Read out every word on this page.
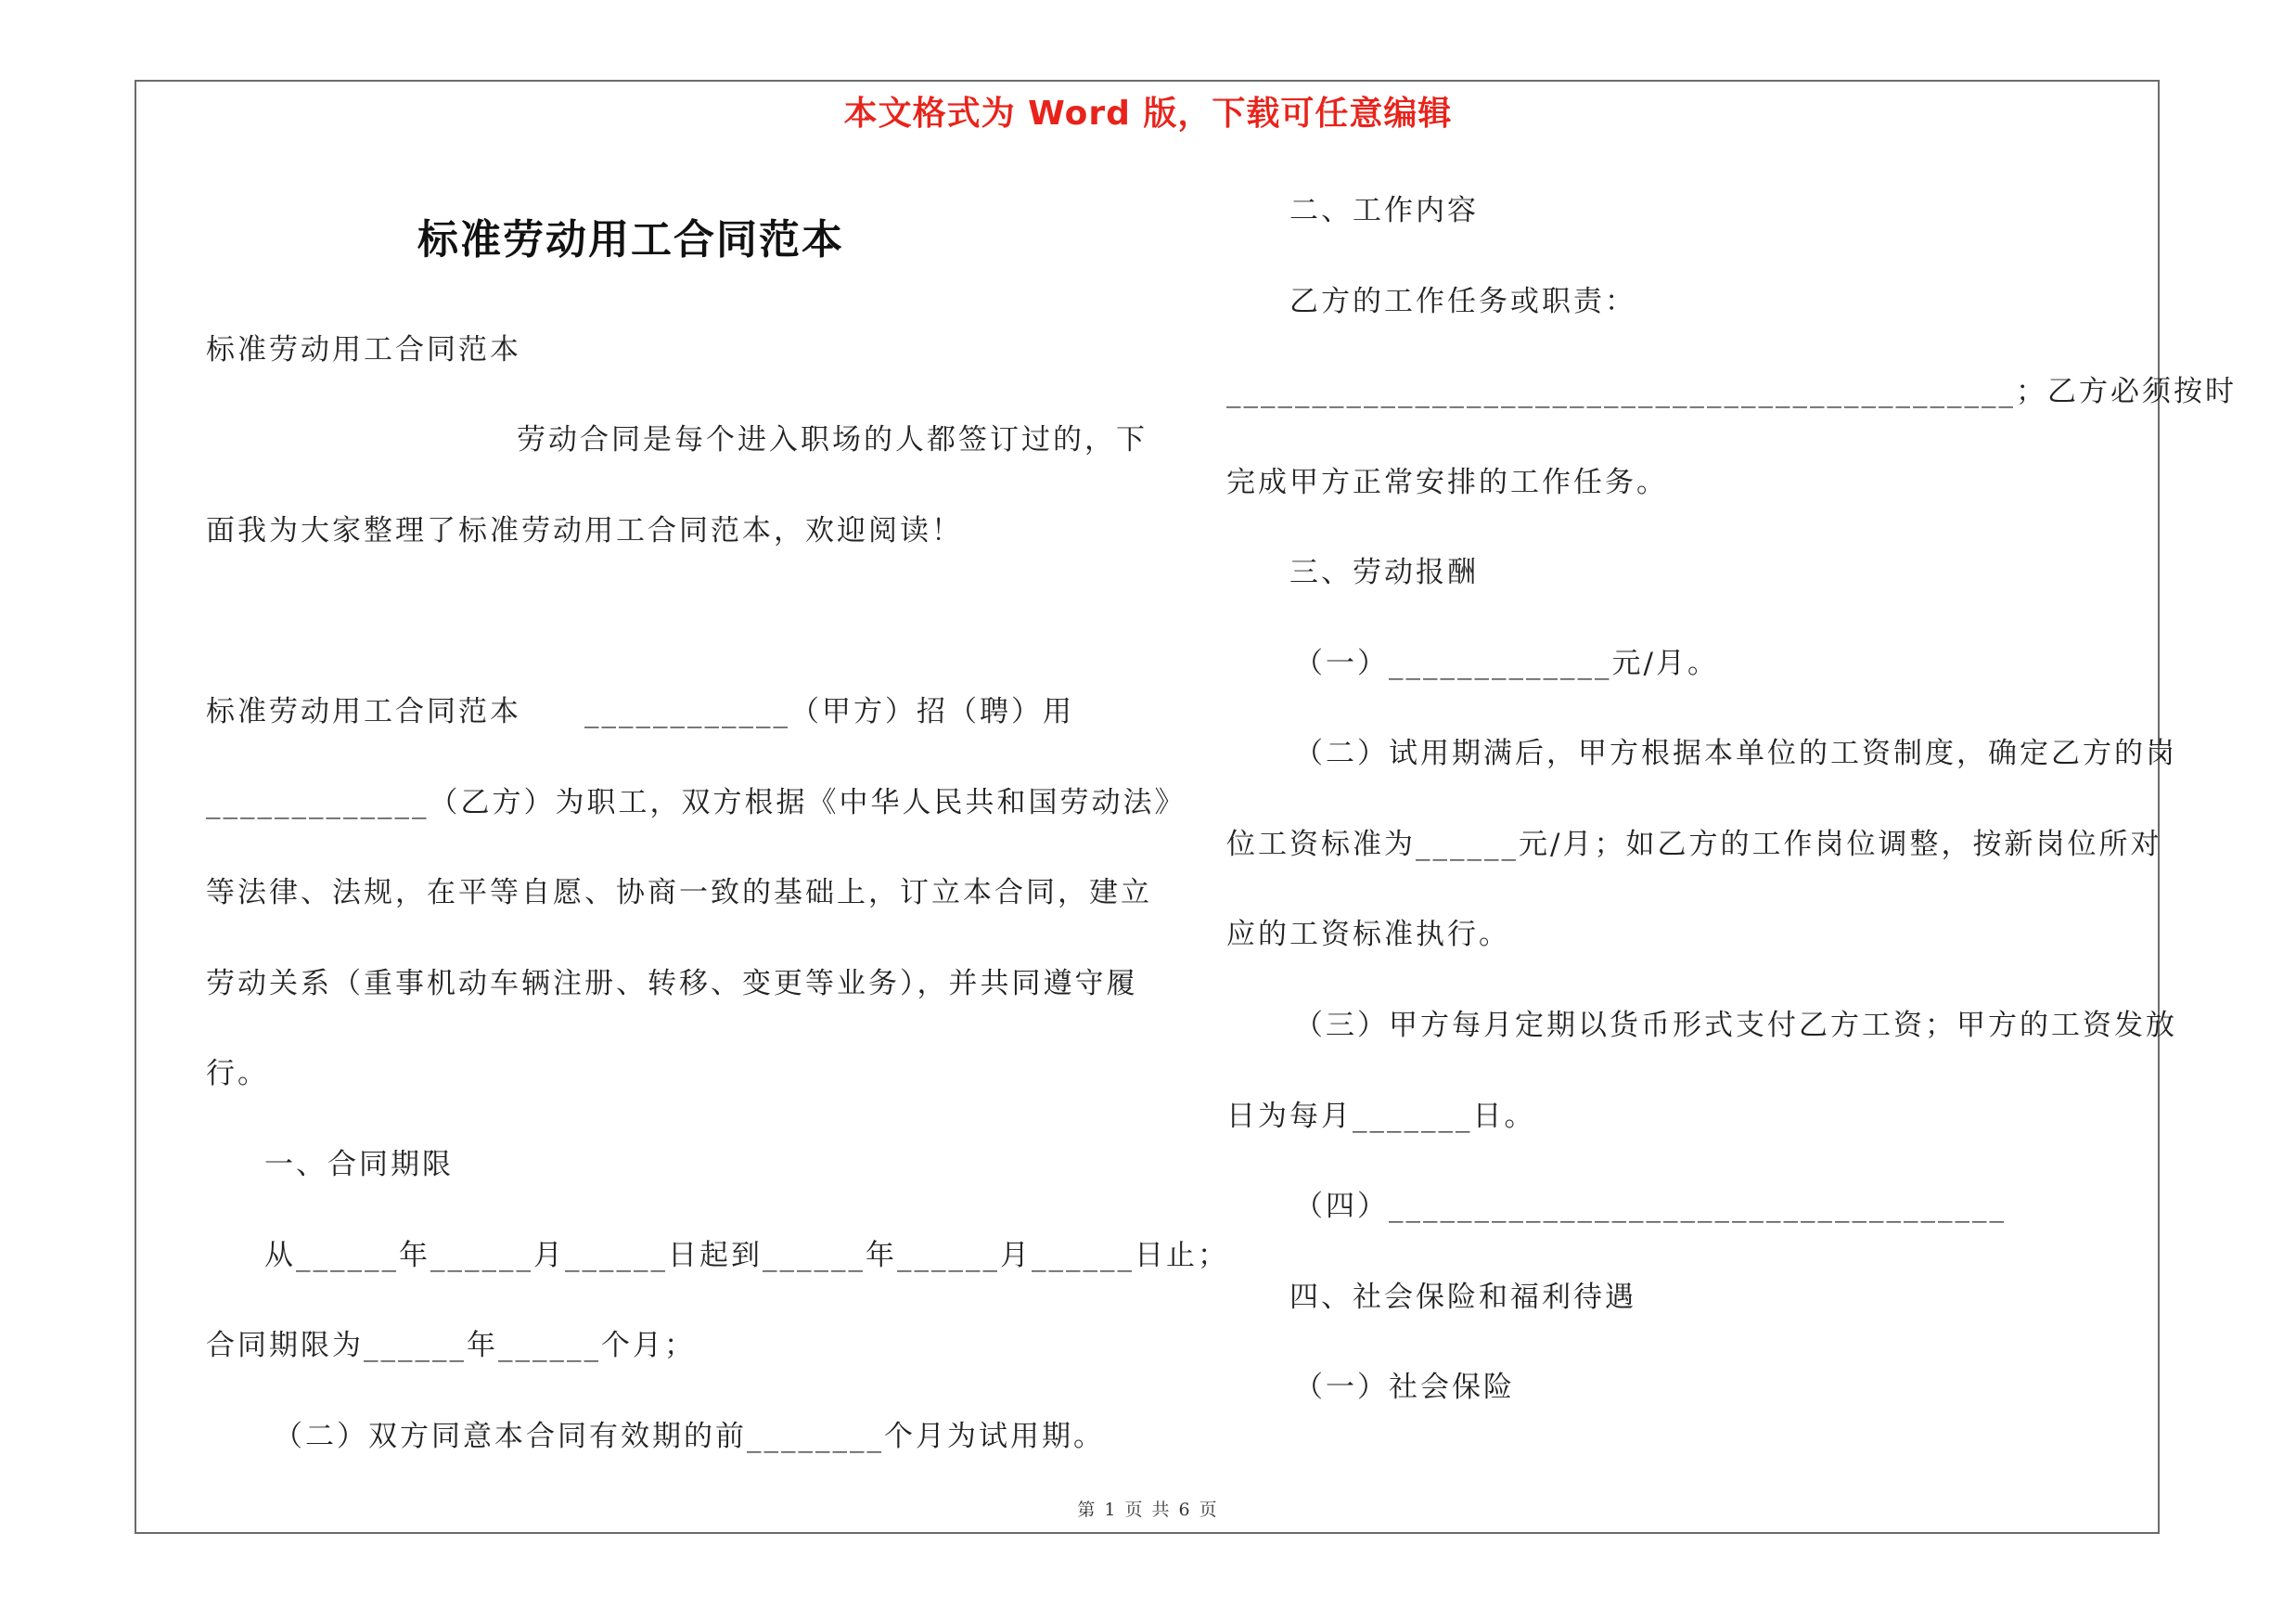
本文格式为 Word 版，下载可任意编辑
标准劳动用工合同范本
标准劳动用工合同范本
劳动合同是每个进入职场的人都签订过的，下
面我为大家整理了标准劳动用工合同范本，欢迎阅读！
标准劳动用工合同范本　　____________（甲方）招（聘）用
_____________（乙方）为职工，双方根据《中华人民共和国劳动法》
等法律、法规，在平等自愿、协商一致的基础上，订立本合同，建立
劳动关系（重事机动车辆注册、转移、变更等业务），并共同遵守履
行。
一、合同期限
从______年______月______日起到______年______月______日止；
合同期限为______年______个月；
（二）双方同意本合同有效期的前________个月为试用期。
二、工作内容
乙方的工作任务或职责：
______________________________________________；乙方必须按时
完成甲方正常安排的工作任务。
三、劳动报酬
（一）_____________元/月。
（二）试用期满后，甲方根据本单位的工资制度，确定乙方的岗
位工资标准为______元/月；如乙方的工作岗位调整，按新岗位所对
应的工资标准执行。
（三）甲方每月定期以货币形式支付乙方工资；甲方的工资发放
日为每月_______日。
（四）____________________________________
四、社会保险和福利待遇
（一）社会保险
第 1 页 共 6 页
